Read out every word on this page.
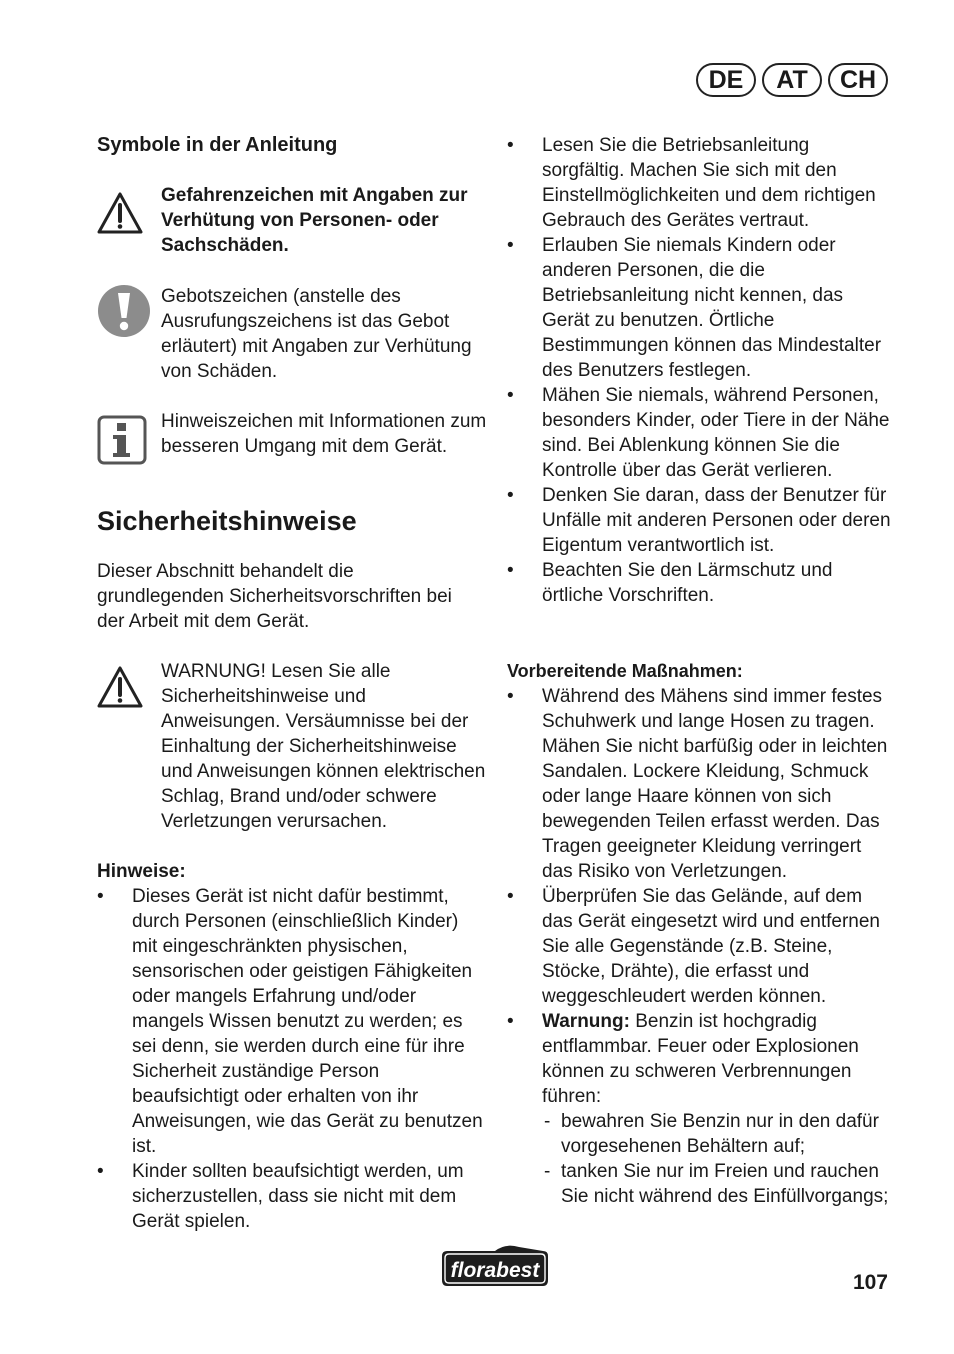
DE	AT	CH
Symbole in der Anleitung
Gefahrenzeichen mit Angaben zur Verhütung von Personen- oder Sachschäden.
Gebotszeichen (anstelle des Ausrufungszeichens ist das Gebot erläutert) mit Angaben zur Verhütung von Schäden.
Hinweiszeichen mit Informationen zum besseren Umgang mit dem Gerät.
Sicherheitshinweise
Dieser Abschnitt behandelt die grundlegenden Sicherheitsvorschriften bei der Arbeit mit dem Gerät.
WARNUNG! Lesen Sie alle Sicherheitshinweise und Anweisungen. Versäumnisse bei der Einhaltung der Sicherheitshinweise und Anweisungen können elektrischen Schlag, Brand und/oder schwere Verletzungen verursachen.
Hinweise:
• Dieses Gerät ist nicht dafür bestimmt, durch Personen (einschließlich Kinder) mit eingeschränkten physischen, sensorischen oder geistigen Fähigkeiten oder mangels Erfahrung und/oder mangels Wissen benutzt zu werden; es sei denn, sie werden durch eine für ihre Sicherheit zuständige Person beaufsichtigt oder erhalten von ihr Anweisungen, wie das Gerät zu benutzen ist.
• Kinder sollten beaufsichtigt werden, um sicherzustellen, dass sie nicht mit dem Gerät spielen.
• Lesen Sie die Betriebsanleitung sorgfältig. Machen Sie sich mit den Einstellmöglichkeiten und dem richtigen Gebrauch des Gerätes vertraut.
• Erlauben Sie niemals Kindern oder anderen Personen, die die Betriebsanleitung nicht kennen, das Gerät zu benutzen. Örtliche Bestimmungen können das Mindestalter des Benutzers festlegen.
• Mähen Sie niemals, während Personen, besonders Kinder, oder Tiere in der Nähe sind. Bei Ablenkung können Sie die Kontrolle über das Gerät verlieren.
• Denken Sie daran, dass der Benutzer für Unfälle mit anderen Personen oder deren Eigentum verantwortlich ist.
• Beachten Sie den Lärmschutz und örtliche Vorschriften.
Vorbereitende Maßnahmen:
• Während des Mähens sind immer festes Schuhwerk und lange Hosen zu tragen. Mähen Sie nicht barfüßig oder in leichten Sandalen. Lockere Kleidung, Schmuck oder lange Haare können von sich bewegenden Teilen erfasst werden. Das Tragen geeigneter Kleidung verringert das Risiko von Verletzungen.
• Überprüfen Sie das Gelände, auf dem das Gerät eingesetzt wird und entfernen Sie alle Gegenstände (z.B. Steine, Stöcke, Drähte), die erfasst und weggeschleudert werden können.
• Warnung: Benzin ist hochgradig entflammbar. Feuer oder Explosionen können zu schweren Verbrennungen führen:
- bewahren Sie Benzin nur in den dafür vorgesehenen Behältern auf;
- tanken Sie nur im Freien und rauchen Sie nicht während des Einfüllvorgangs;
florabest
107
